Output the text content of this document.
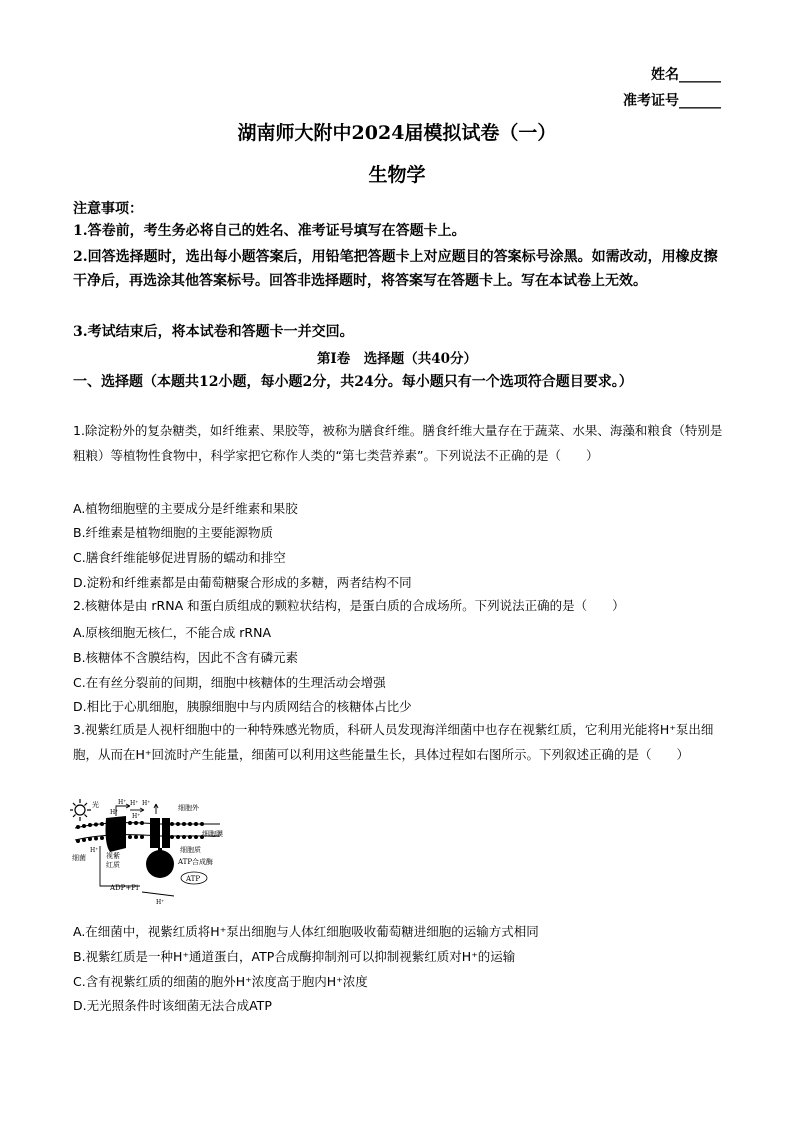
姓名______
准考证号______
湖南师大附中2024届模拟试卷（一）
生物学
注意事项：
1.答卷前，考生务必将自己的姓名、准考证号填写在答题卡上。
2.回答选择题时，选出每小题答案后，用铅笔把答题卡上对应题目的答案标号涂黑。如需改动，用橡皮擦干净后，再选涂其他答案标号。回答非选择题时，将答案写在答题卡上。写在本试卷上无效。
3.考试结束后，将本试卷和答题卡一并交回。
第Ⅰ卷　选择题（共40分）
一、选择题（本题共12小题，每小题2分，共24分。每小题只有一个选项符合题目要求。）
1.除淀粉外的复杂糖类，如纤维素、果胶等，被称为膳食纤维。膳食纤维大量存在于蔬菜、水果、海藻和粮食（特别是粗粮）等植物性食物中，科学家把它称作人类的“第七类营养素”。下列说法不正确的是（　　）
A.植物细胞壁的主要成分是纤维素和果胶
B.纤维素是植物细胞的主要能源物质
C.膳食纤维能够促进胃肠的蠕动和排空
D.淀粉和纤维素都是由葡萄糖聚合形成的多糖，两者结构不同
2.核糖体是由 rRNA 和蛋白质组成的颗粒状结构，是蛋白质的合成场所。下列说法正确的是（　　）
A.原核细胞无核仁，不能合成 rRNA
B.核糖体不含膜结构，因此不含有磷元素
C.在有丝分裂前的间期，细胞中核糖体的生理活动会增强
D.相比于心肌细胞，胰腺细胞中与内质网结合的核糖体占比少
3.视紫红质是人视杆细胞中的一种特殊感光物质，科研人员发现海洋细菌中也存在视紫红质，它利用光能将H⁺泵出细胞，从而在H⁺回流时产生能量，细菌可以利用这些能量生长，具体过程如右图所示。下列叙述正确的是（　　）
光	H⁺ H⁺ H⁺
H⁺
H⁺
细胞外
细胞膜
细菌
H⁺
视紫
红质
细胞质
ATP合成酶
ADP+Pi
ATP
H⁺
A.在细菌中，视紫红质将H⁺泵出细胞与人体红细胞吸收葡萄糖进细胞的运输方式相同
B.视紫红质是一种H⁺通道蛋白，ATP合成酶抑制剂可以抑制视紫红质对H⁺的运输
C.含有视紫红质的细菌的胞外H⁺浓度高于胞内H⁺浓度
D.无光照条件时该细菌无法合成ATP
